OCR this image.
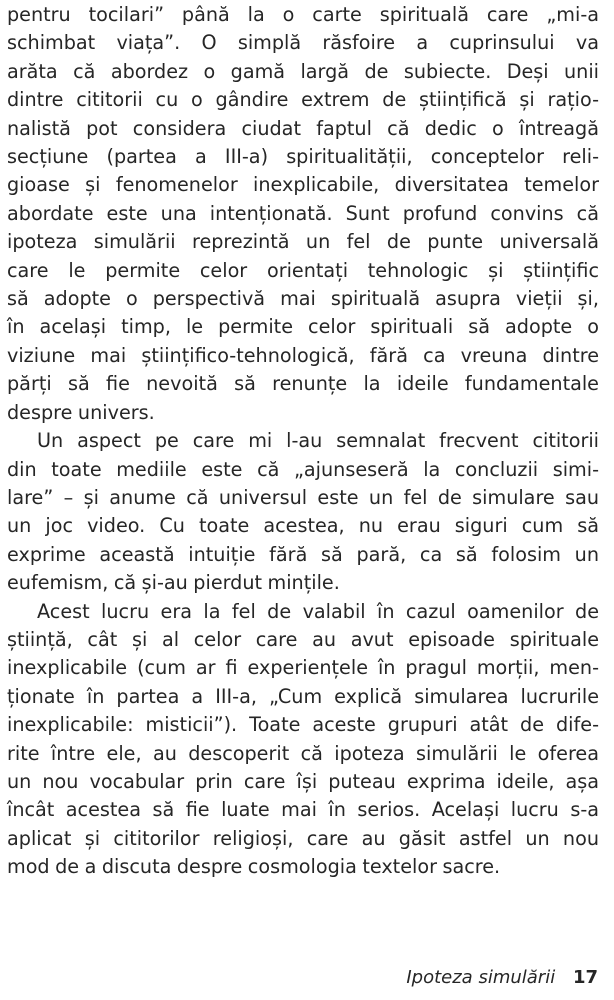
pentru tocilari” până la o carte spirituală care „mi-a
schimbat viața”. O simplă răsfoire a cuprinsului va
arăta că abordez o gamă largă de subiecte. Deși unii
dintre cititorii cu o gândire extrem de științifică și rațio-
nalistă pot considera ciudat faptul că dedic o întreagă
secțiune (partea a III-a) spiritualității, conceptelor reli-
gioase și fenomenelor inexplicabile, diversitatea temelor
abordate este una intenționată. Sunt profund convins că
ipoteza simulării reprezintă un fel de punte universală
care le permite celor orientați tehnologic și științific
să adopte o perspectivă mai spirituală asupra vieții și,
în același timp, le permite celor spirituali să adopte o
viziune mai științifico-tehnologică, fără ca vreuna dintre
părți să fie nevoită să renunțe la ideile fundamentale
despre univers.
Un aspect pe care mi l-au semnalat frecvent cititorii
din toate mediile este că „ajunseseră la concluzii simi-
lare” – și anume că universul este un fel de simulare sau
un joc video. Cu toate acestea, nu erau siguri cum să
exprime această intuiție fără să pară, ca să folosim un
eufemism, că și-au pierdut mințile.
Acest lucru era la fel de valabil în cazul oamenilor de
știință, cât și al celor care au avut episoade spirituale
inexplicabile (cum ar fi experiențele în pragul morții, men-
ționate în partea a III-a, „Cum explică simularea lucrurile
inexplicabile: misticii”). Toate aceste grupuri atât de dife-
rite între ele, au descoperit că ipoteza simulării le oferea
un nou vocabular prin care își puteau exprima ideile, așa
încât acestea să fie luate mai în serios. Același lucru s-a
aplicat și cititorilor religioși, care au găsit astfel un nou
mod de a discuta despre cosmologia textelor sacre.
Ipoteza simulării 17
